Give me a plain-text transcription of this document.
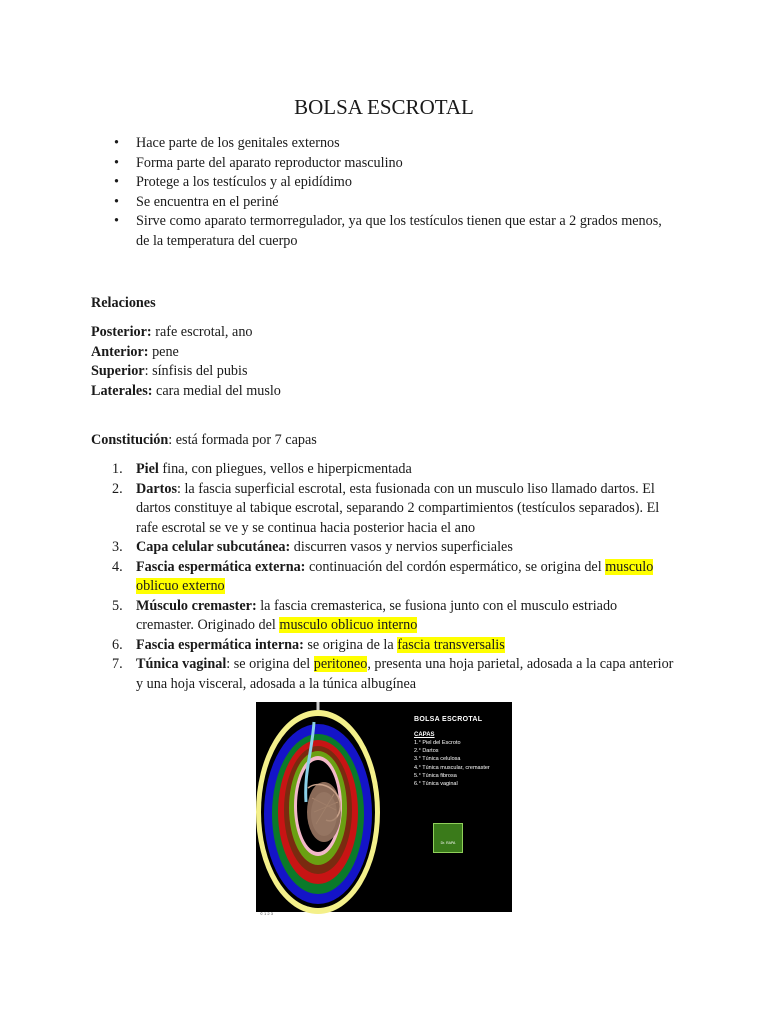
BOLSA ESCROTAL
• Hace parte de los genitales externos
• Forma parte del aparato reproductor masculino
• Protege a los testículos y al epidídimo
• Se encuentra en el periné
• Sirve como aparato termorregulador, ya que los testículos tienen que estar a 2 grados menos, de la temperatura del cuerpo

Relaciones

Posterior: rafe escrotal, ano
Anterior: pene
Superior: sínfisis del pubis
Laterales: cara medial del muslo

Constitución: está formada por 7 capas

1. Piel fina, con pliegues, vellos e hiperpicmentada
2. Dartos: la fascia superficial escrotal, esta fusionada con un musculo liso llamado dartos. El dartos constituye al tabique escrotal, separando 2 compartimientos (testículos separados). El rafe escrotal se ve y se continua hacia posterior hacia el ano
3. Capa celular subcutánea: discurren vasos y nervios superficiales
4. Fascia espermática externa: continuación del cordón espermático, se origina del musculo oblicuo externo
5. Músculo cremaster: la fascia cremasterica, se fusiona junto con el musculo estriado cremaster. Originado del musculo oblicuo interno
6. Fascia espermática interna: se origina de la fascia transversalis
7. Túnica vaginal: se origina del peritoneo, presenta una hoja parietal, adosada a la capa anterior y una hoja visceral, adosada a la túnica albugínea
BOLSA ESCROTAL
CAPAS
1.° Piel del Escroto
2.° Dartos
3.° Túnica celulosa
4.° Túnica muscular, cremaster
5.° Túnica fibrosa
6.° Túnica vaginal
Dr. RAPA
© 1 2 3
